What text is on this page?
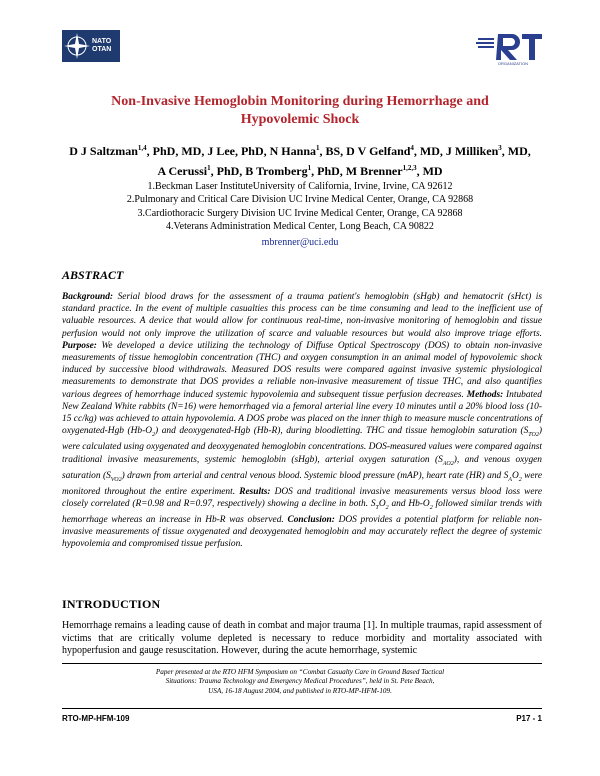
NATO
OTAN
ORGANIZATION
Non-Invasive Hemoglobin Monitoring during Hemorrhage and
Hypovolemic Shock
D J Saltzman$^{1,4}$, PhD, MD, J Lee, PhD, N Hanna$^1$, BS, D V Gelfand$^4$, MD, J Milliken$^3$, MD,
A Cerussi$^1$, PhD, B Tromberg$^1$, PhD, M Brenner$^{1,2,3}$, MD
1.Beckman Laser InstituteUniversity of California, Irvine, Irvine, CA 92612
2.Pulmonary and Critical Care Division UC Irvine Medical Center, Orange, CA 92868
3.Cardiothoracic Surgery Division UC Irvine Medical Center, Orange, CA 92868
4.Veterans Administration Medical Center, Long Beach, CA 90822
mbrenner@uci.edu
ABSTRACT
Background: Serial blood draws for the assessment of a trauma patient's hemoglobin (sHgb) and hematocrit (sHct) is standard practice. In the event of multiple casualties this process can be time consuming and lead to the inefficient use of valuable resources. A device that would allow for continuous real-time, non-invasive monitoring of hemoglobin and tissue perfusion would not only improve the utilization of scarce and valuable resources but would also improve triage efforts. Purpose: We developed a device utilizing the technology of Diffuse Optical Spectroscopy (DOS) to obtain non-invasive measurements of tissue hemoglobin concentration (THC) and oxygen consumption in an animal model of hypovolemic shock induced by successive blood withdrawals. Measured DOS results were compared against invasive systemic physiological measurements to demonstrate that DOS provides a reliable non-invasive measurement of tissue THC, and also quantifies various degrees of hemorrhage induced systemic hypovolemia and subsequent tissue perfusion decreases. Methods: Intubated New Zealand White rabbits (N=16) were hemorrhaged via a femoral arterial line every 10 minutes until a 20% blood loss (10-15 cc/kg) was achieved to attain hypovolemia. A DOS probe was placed on the inner thigh to measure muscle concentrations of oxygenated-Hgb $(Hb-O_2)$ and deoxygenated-Hgb (Hb-R), during bloodletting. THC and tissue hemoglobin saturation $(S_{TO2})$ were calculated using oxygenated and deoxygenated hemoglobin concentrations. DOS-measured values were compared against traditional invasive measurements, systemic hemoglobin (sHgb), arterial oxygen saturation $(S_{AO2})$, and venous oxygen saturation $(S_{VO2})$ drawn from arterial and central venous blood. Systemic blood pressure (mAP), heart rate (HR) and $S_AO_2$ were monitored throughout the entire experiment. Results: DOS and traditional invasive measurements versus blood loss were closely correlated (R=0.98 and R=0.97, respectively) showing a decline in both. $S_TO_2$ and $Hb-O_2$ followed similar trends with hemorrhage whereas an increase in Hb-R was observed. Conclusion: DOS provides a potential platform for reliable non-invasive measurements of tissue oxygenated and deoxygenated hemoglobin and may accurately reflect the degree of systemic hypovolemia and compromised tissue perfusion.
INTRODUCTION
Hemorrhage remains a leading cause of death in combat and major trauma [1]. In multiple traumas, rapid assessment of victims that are critically volume depleted is necessary to reduce morbidity and mortality associated with hypoperfusion and gauge resuscitation. However, during the acute hemorrhage, systemic
Paper presented at the RTO HFM Symposium on “Combat Casualty Care in Ground Based Tactical
Situations: Trauma Technology and Emergency Medical Procedures”, held in St. Pete Beach,
USA, 16-18 August 2004, and published in RTO-MP-HFM-109.
RTO-MP-HFM-109	P17 - 1
